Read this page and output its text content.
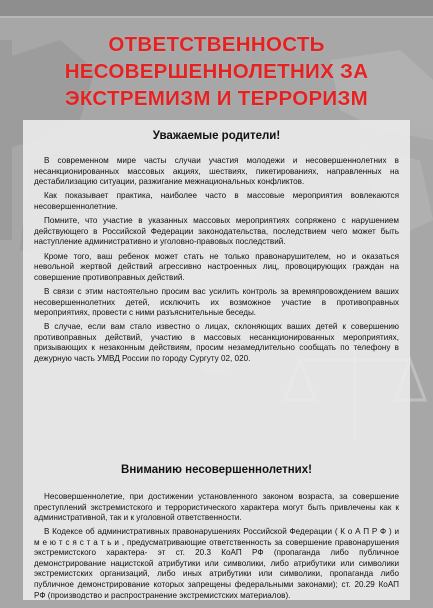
ОТВЕТСТВЕННОСТЬ
НЕСОВЕРШЕННОЛЕТНИХ ЗА
ЭКСТРЕМИЗМ И ТЕРРОРИЗМ
Уважаемые родители!

В современном мире часты случаи участия молодежи и несовершеннолетних в несанкционированных массовых акциях, шествиях, пикетированиях, направленных на дестабилизацию ситуации, разжигание межнациональных конфликтов.

Как показывает практика, наиболее часто в массовые мероприятия вовлекаются несовершеннолетние.

Помните, что участие в указанных массовых мероприятиях сопряжено с нарушением действующего в Российской Федерации законодательства, последствием чего может быть наступление административно и уголовно-правовых последствий.

Кроме того, ваш ребенок может стать не только правонарушителем, но и оказаться невольной жертвой действий агрессивно настроенных лиц, провоцирующих граждан на совершение противоправных действий.

В связи с этим настоятельно просим вас усилить контроль за времяпровождением ваших несовершеннолетних детей, исключить их возможное участие в противоправных мероприятиях, провести с ними разъяснительные беседы.

В случае, если вам стало известно о лицах, склоняющих ваших детей к совершению противоправных действий, участию в массовых несанкционированных мероприятиях, призывающих к незаконным действиям, просим незамедлительно сообщать по телефону в дежурную часть УМВД России по городу Сургуту 02, 020.

Вниманию несовершеннолетних!

Несовершеннолетие, при достижении установленного законом возраста, за совершение преступлений экстремистского и террористического характера могут быть привлечены как к административной, так и к уголовной ответственности.

В Кодексе об административных правонарушениях Российской Федерации ( К о А П Р Ф ) и м е ю т с я с т а т ь и , предусматривающие ответственность за совершение правонарушения экстремистского характера- эт ст. 20.3 КоАП РФ (пропаганда либо публичное демонстрирование нацистской атрибутики или символики, либо атрибутики или символики экстремистских организаций, либо иных атрибутики или символики, пропаганда либо публичное демонстрирование которых запрещены федеральными законами); ст. 20.29 КоАП РФ (производство и распространение экстремистских материалов).
